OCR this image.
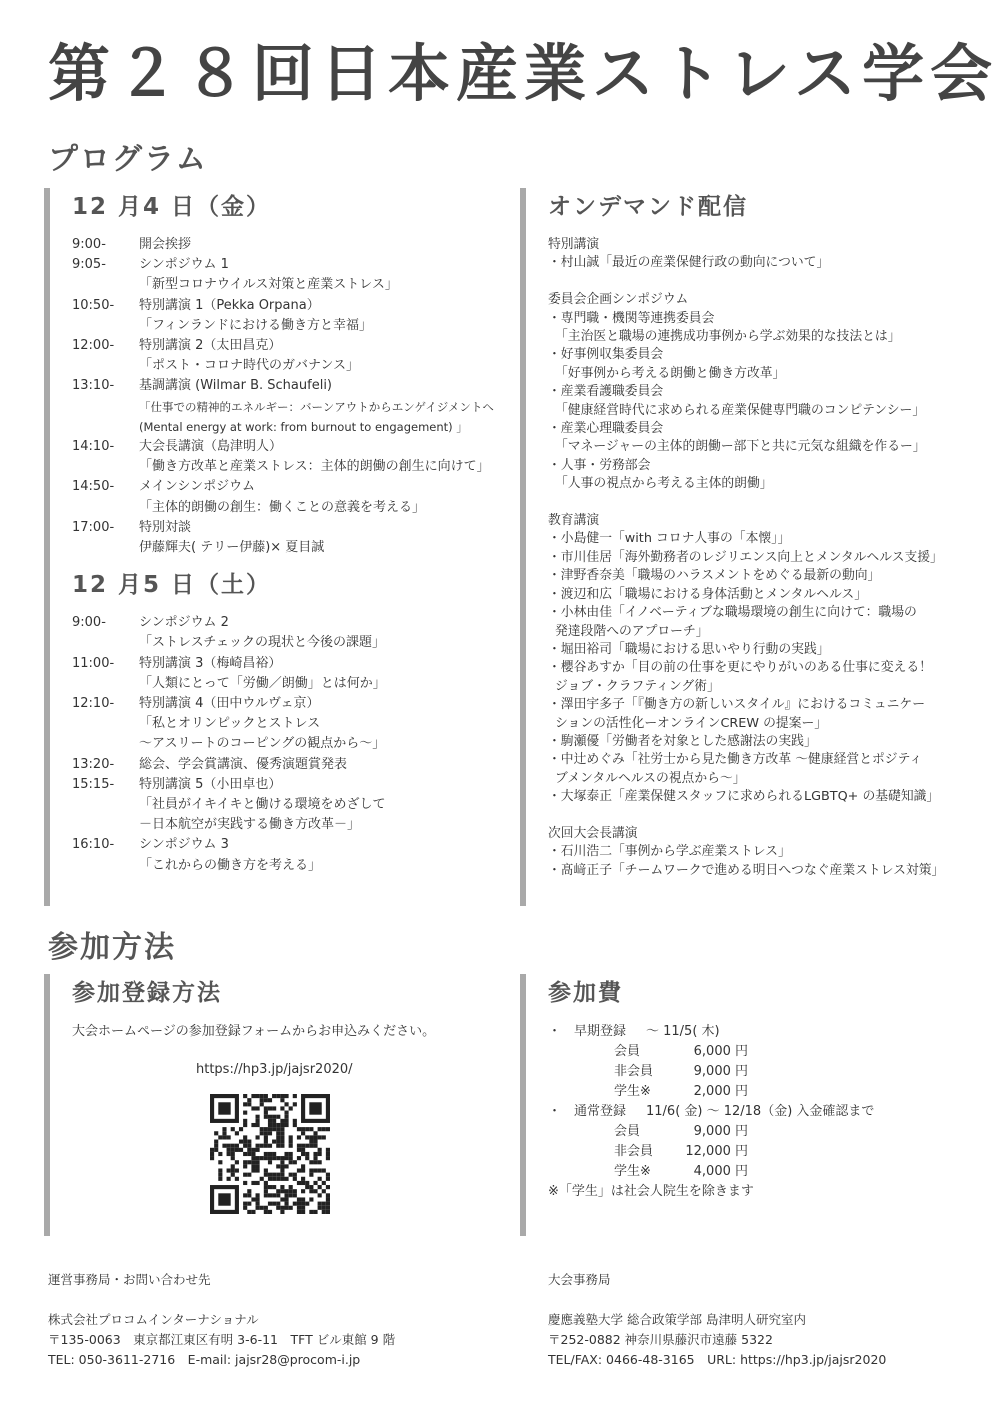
第２８回日本産業ストレス学会
プログラム
12 月4 日（金）
9:00-	開会挨拶
9:05-	シンポジウム 1
「新型コロナウイルス対策と産業ストレス」
10:50-	特別講演 1（Pekka Orpana）
「フィンランドにおける働き方と幸福」
12:00-	特別講演 2（太田昌克）
「ポスト・コロナ時代のガバナンス」
13:10-	基調講演 (Wilmar B. Schaufeli)
「仕事での精神的エネルギー：バーンアウトからエンゲイジメントへ
(Mental energy at work: from burnout to engagement) 」
14:10-	大会長講演（島津明人）
「働き方改革と産業ストレス：主体的朗働の創生に向けて」
14:50-	メインシンポジウム
「主体的朗働の創生：働くことの意義を考える」
17:00-	特別対談
伊藤輝夫( テリー伊藤)× 夏目誠
12 月5 日（土）
9:00-	シンポジウム 2
「ストレスチェックの現状と今後の課題」
11:00-	特別講演 3（梅崎昌裕）
「人類にとって「労働／朗働」とは何か」
12:10-	特別講演 4（田中ウルヴェ京）
「私とオリンピックとストレス
～アスリートのコーピングの観点から～」
13:20-	総会、学会賞講演、優秀演題賞発表
15:15-	特別講演 5（小田卓也）
「社員がイキイキと働ける環境をめざして
－日本航空が実践する働き方改革－」
16:10-	シンポジウム 3
「これからの働き方を考える」
オンデマンド配信
特別講演
・村山誠「最近の産業保健行政の動向について」
委員会企画シンポジウム
・専門職・機関等連携委員会
「主治医と職場の連携成功事例から学ぶ効果的な技法とは」
・好事例収集委員会
「好事例から考える朗働と働き方改革」
・産業看護職委員会
「健康経営時代に求められる産業保健専門職のコンピテンシー」
・産業心理職委員会
「マネージャーの主体的朗働ー部下と共に元気な組織を作るー」
・人事・労務部会
「人事の視点から考える主体的朗働」
教育講演
・小島健一「with コロナ人事の「本懐」」
・市川佳居「海外勤務者のレジリエンス向上とメンタルヘルス支援」
・津野香奈美「職場のハラスメントをめぐる最新の動向」
・渡辺和広「職場における身体活動とメンタルヘルス」
・小林由佳「イノベーティブな職場環境の創生に向けて：職場の
発達段階へのアプローチ」
・堀田裕司「職場における思いやり行動の実践」
・櫻谷あすか「目の前の仕事を更にやりがいのある仕事に変える！
ジョブ・クラフティング術」
・澤田宇多子「『働き方の新しいスタイル』におけるコミュニケー
ションの活性化ーオンラインCREW の提案ー」
・駒瀬優「労働者を対象とした感謝法の実践」
・中辻めぐみ「社労士から見た働き方改革 ～健康経営とポジティ
ブメンタルヘルスの視点から～」
・大塚泰正「産業保健スタッフに求められるLGBTQ+ の基礎知識」
次回大会長講演
・石川浩二「事例から学ぶ産業ストレス」
・髙﨑正子「チームワークで進める明日へつなぐ産業ストレス対策」
参加方法
参加登録方法
大会ホームページの参加登録フォームからお申込みください。
https://hp3.jp/jajsr2020/
参加費
・ 早期登録	～ 11/5( 木)
会員	6,000 円
非会員	9,000 円
学生※	2,000 円
・ 通常登録	11/6( 金) ～ 12/18（金) 入金確認まで
会員	9,000 円
非会員	12,000 円
学生※	4,000 円
※「学生」は社会人院生を除きます
運営事務局・お問い合わせ先
株式会社プロコムインターナショナル
〒135-0063　東京都江東区有明 3-6-11　TFT ビル東館 9 階
TEL: 050-3611-2716　E-mail: jajsr28@procom-i.jp
大会事務局
慶應義塾大学 総合政策学部 島津明人研究室内
〒252-0882 神奈川県藤沢市遠藤 5322
TEL/FAX: 0466-48-3165　URL: https://hp3.jp/jajsr2020
